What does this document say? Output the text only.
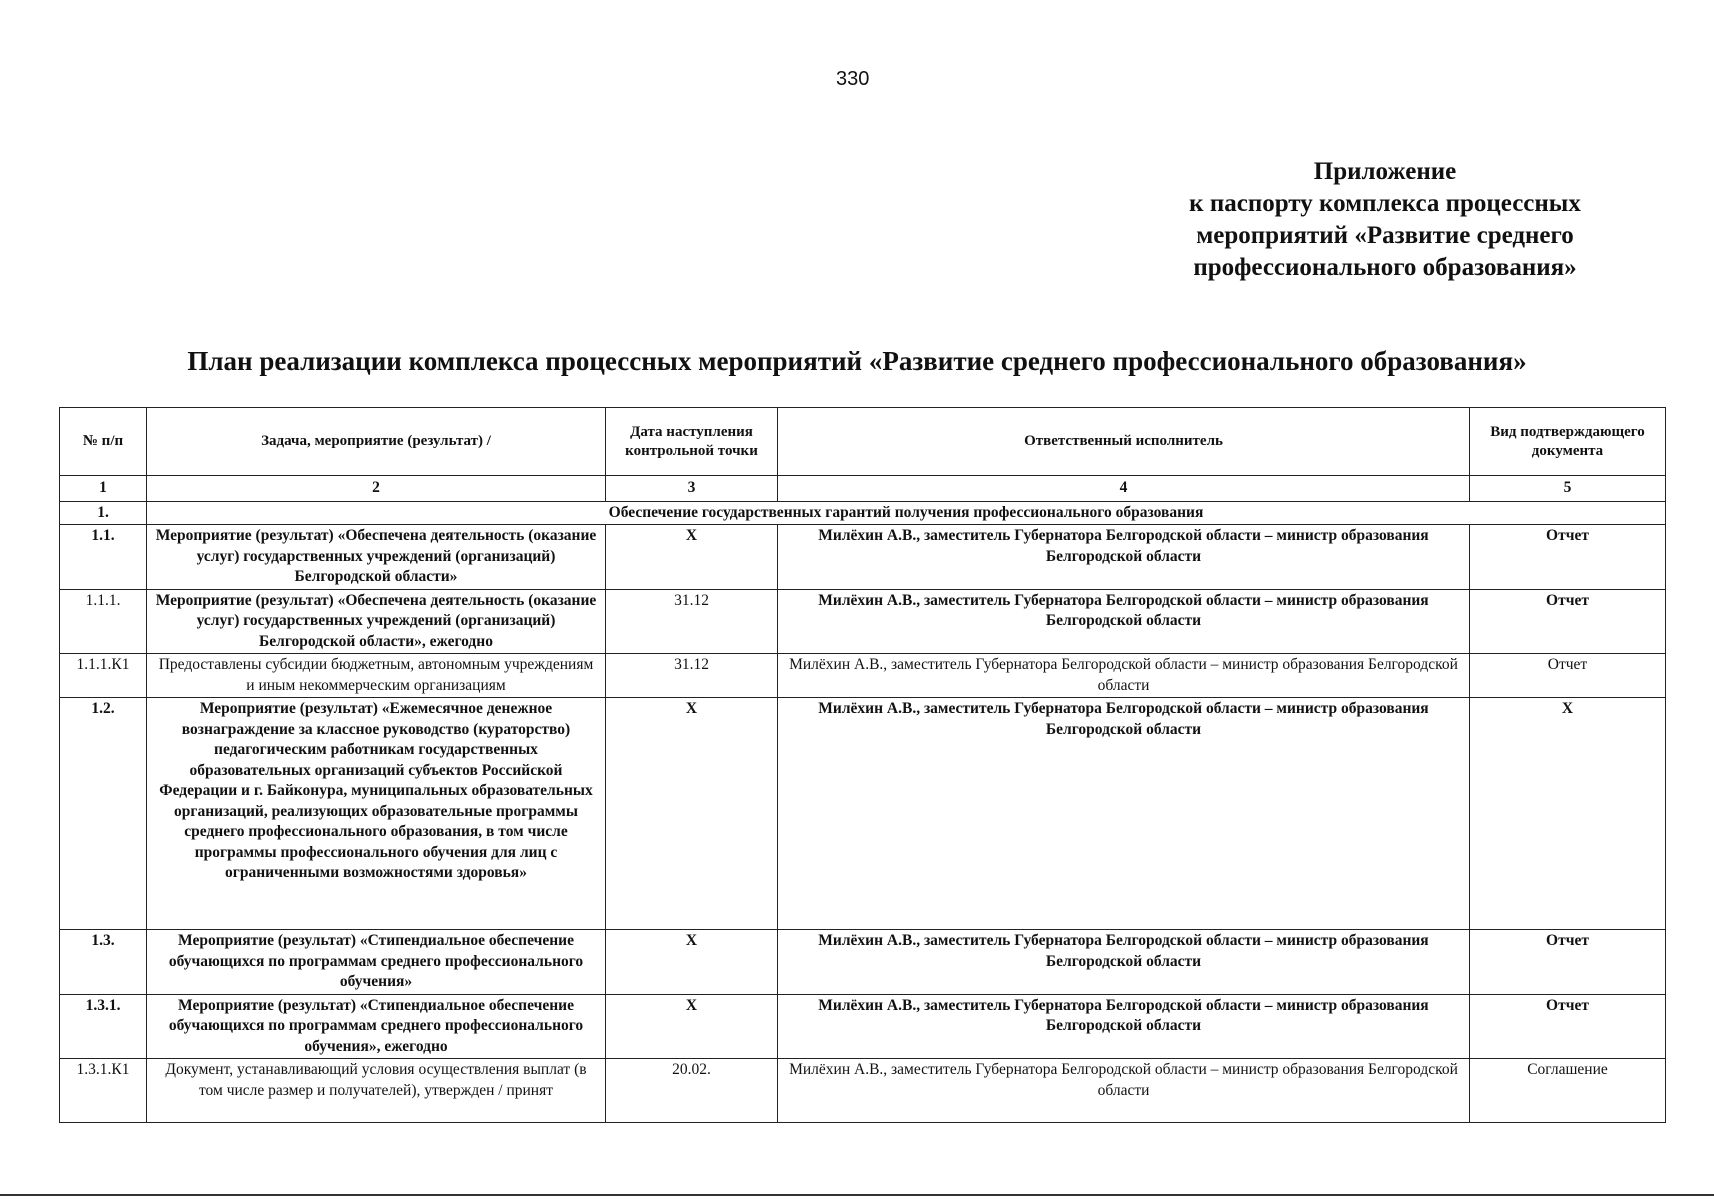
330
Приложение
к паспорту комплекса процессных
мероприятий «Развитие среднего
профессионального образования»
План реализации комплекса процессных мероприятий «Развитие среднего профессионального образования»
№ п/п	Задача, мероприятие (результат) /	Дата наступления контрольной точки	Ответственный исполнитель	Вид подтверждающего документа
1	2	3	4	5
1.	Обеспечение государственных гарантий получения профессионального образования			
1.1.	Мероприятие (результат) «Обеспечена деятельность (оказание услуг) государственных учреждений (организаций) Белгородской области»	X	Милёхин А.В., заместитель Губернатора Белгородской области – министр образования Белгородской области	Отчет
1.1.1.	Мероприятие (результат) «Обеспечена деятельность (оказание услуг) государственных учреждений (организаций) Белгородской области», ежегодно	31.12	Милёхин А.В., заместитель Губернатора Белгородской области – министр образования Белгородской области	Отчет
1.1.1.К1	Предоставлены субсидии бюджетным, автономным учреждениям и иным некоммерческим организациям	31.12	Милёхин А.В., заместитель Губернатора Белгородской области – министр образования Белгородской области	Отчет
1.2.	Мероприятие (результат) «Ежемесячное денежное вознаграждение за классное руководство (кураторство) педагогическим работникам государственных образовательных организаций субъектов Российской Федерации и г. Байконура, муниципальных образовательных организаций, реализующих образовательные программы среднего профессионального образования, в том числе программы профессионального обучения для лиц с ограниченными возможностями здоровья»	X	Милёхин А.В., заместитель Губернатора Белгородской области – министр образования Белгородской области	X
1.3.	Мероприятие (результат) «Стипендиальное обеспечение обучающихся по программам среднего профессионального обучения»	X	Милёхин А.В., заместитель Губернатора Белгородской области – министр образования Белгородской области	Отчет
1.3.1.	Мероприятие (результат) «Стипендиальное обеспечение обучающихся по программам среднего профессионального обучения», ежегодно	X	Милёхин А.В., заместитель Губернатора Белгородской области – министр образования Белгородской области	Отчет
1.3.1.К1	Документ, устанавливающий условия осуществления выплат (в том числе размер и получателей), утвержден / принят	20.02.	Милёхин А.В., заместитель Губернатора Белгородской области – министр образования Белгородской области	Соглашение
